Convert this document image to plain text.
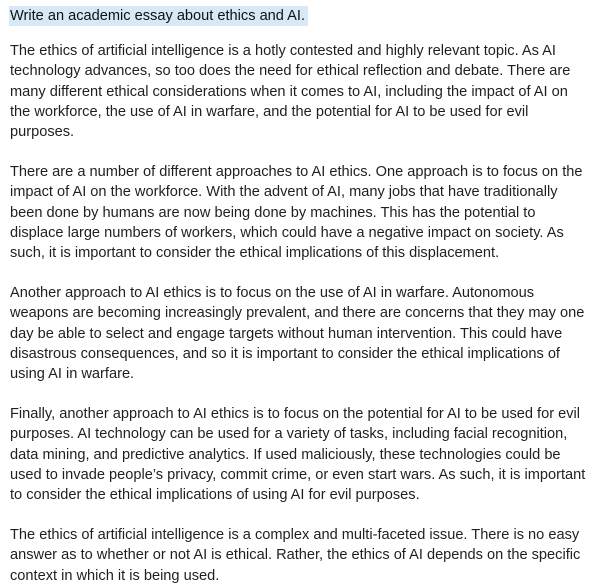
Write an academic essay about ethics and AI.

The ethics of artificial intelligence is a hotly contested and highly relevant topic. As AI technology advances, so too does the need for ethical reflection and debate. There are many different ethical considerations when it comes to AI, including the impact of AI on the workforce, the use of AI in warfare, and the potential for AI to be used for evil purposes.

There are a number of different approaches to AI ethics. One approach is to focus on the impact of AI on the workforce. With the advent of AI, many jobs that have traditionally been done by humans are now being done by machines. This has the potential to displace large numbers of workers, which could have a negative impact on society. As such, it is important to consider the ethical implications of this displacement.

Another approach to AI ethics is to focus on the use of AI in warfare. Autonomous weapons are becoming increasingly prevalent, and there are concerns that they may one day be able to select and engage targets without human intervention. This could have disastrous consequences, and so it is important to consider the ethical implications of using AI in warfare.

Finally, another approach to AI ethics is to focus on the potential for AI to be used for evil purposes. AI technology can be used for a variety of tasks, including facial recognition, data mining, and predictive analytics. If used maliciously, these technologies could be used to invade people’s privacy, commit crime, or even start wars. As such, it is important to consider the ethical implications of using AI for evil purposes.

The ethics of artificial intelligence is a complex and multi-faceted issue. There is no easy answer as to whether or not AI is ethical. Rather, the ethics of AI depends on the specific context in which it is being used.
